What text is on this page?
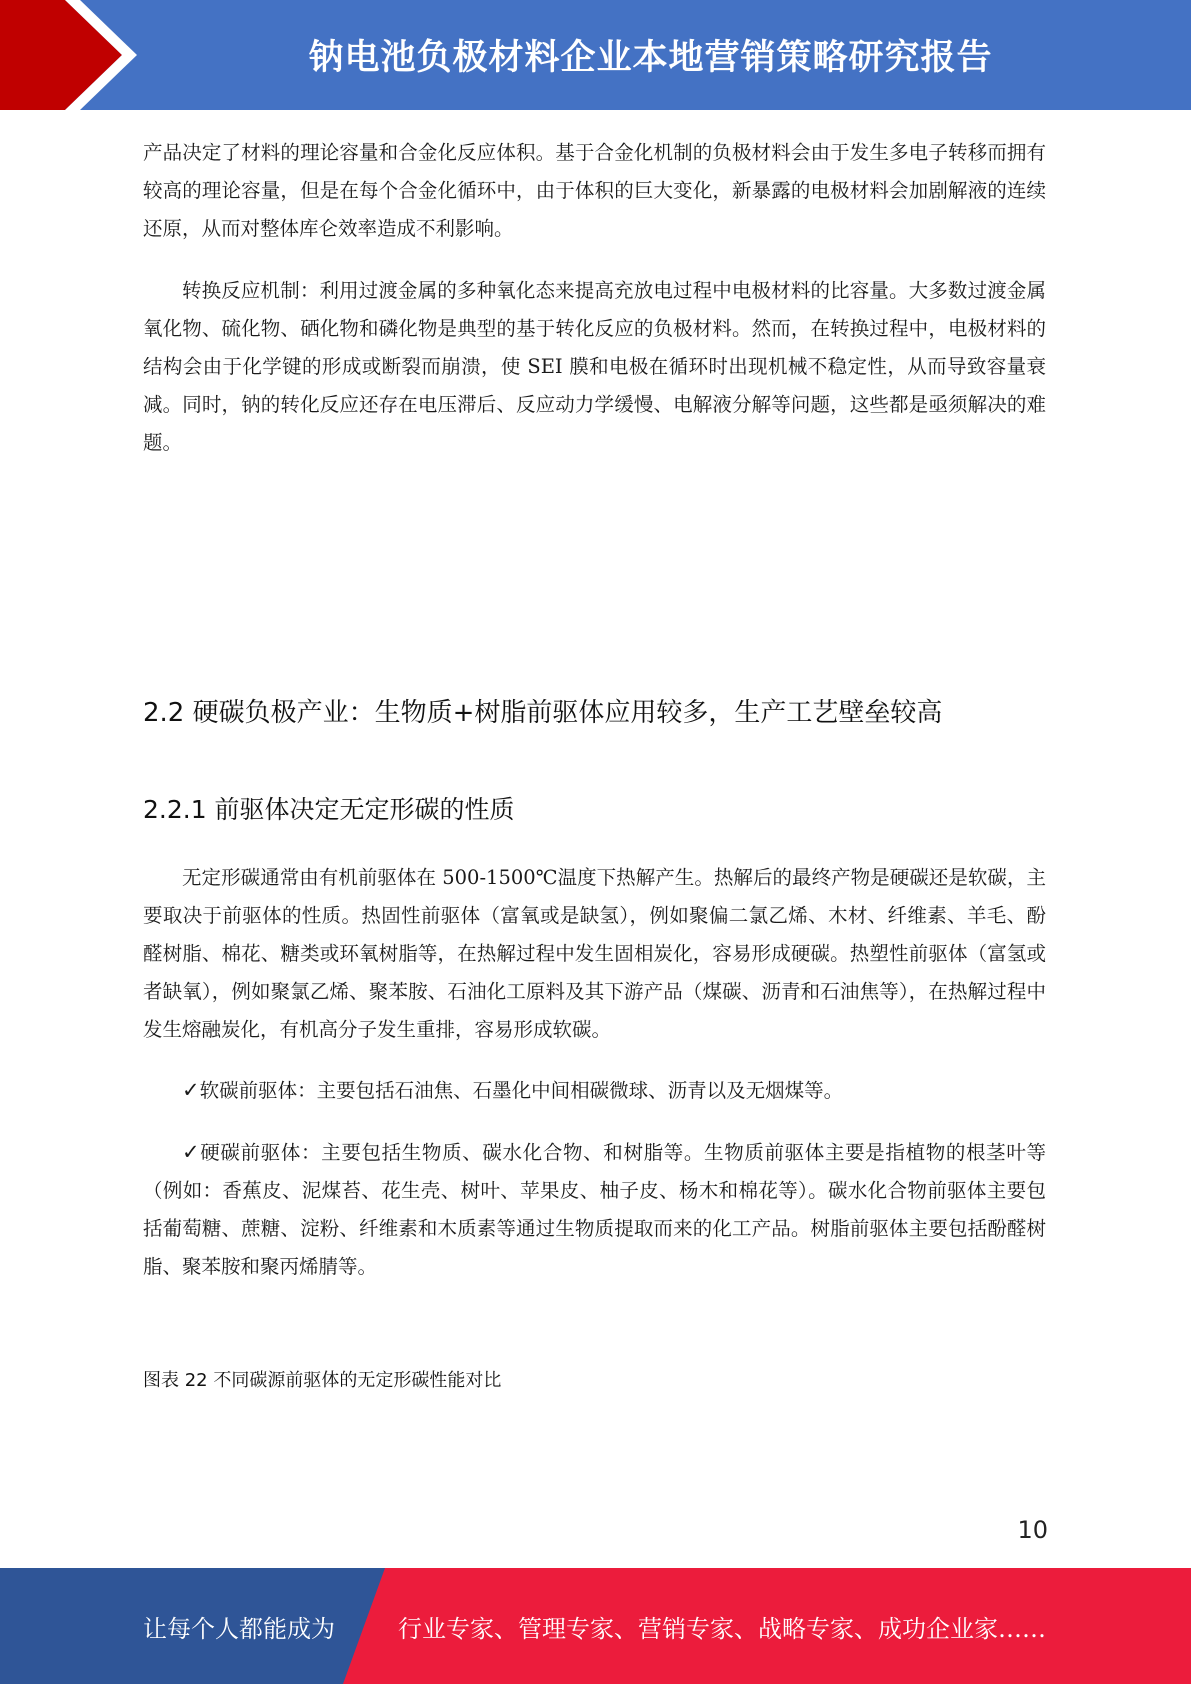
钠电池负极材料企业本地营销策略研究报告

产品决定了材料的理论容量和合金化反应体积。基于合金化机制的负极材料会由于发生多电子转移而拥有较高的理论容量，但是在每个合金化循环中，由于体积的巨大变化，新暴露的电极材料会加剧解液的连续还原，从而对整体库仑效率造成不利影响。

转换反应机制：利用过渡金属的多种氧化态来提高充放电过程中电极材料的比容量。大多数过渡金属氧化物、硫化物、硒化物和磷化物是典型的基于转化反应的负极材料。然而，在转换过程中，电极材料的结构会由于化学键的形成或断裂而崩溃，使 SEI 膜和电极在循环时出现机械不稳定性，从而导致容量衰减。同时，钠的转化反应还存在电压滞后、反应动力学缓慢、电解液分解等问题，这些都是亟须解决的难题。

2.2 硬碳负极产业：生物质+树脂前驱体应用较多，生产工艺壁垒较高
2.2.1 前驱体决定无定形碳的性质

无定形碳通常由有机前驱体在 500-1500℃温度下热解产生。热解后的最终产物是硬碳还是软碳，主要取决于前驱体的性质。热固性前驱体（富氧或是缺氢），例如聚偏二氯乙烯、木材、纤维素、羊毛、酚醛树脂、棉花、糖类或环氧树脂等，在热解过程中发生固相炭化，容易形成硬碳。热塑性前驱体（富氢或者缺氧），例如聚氯乙烯、聚苯胺、石油化工原料及其下游产品（煤碳、沥青和石油焦等），在热解过程中发生熔融炭化，有机高分子发生重排，容易形成软碳。

✓软碳前驱体：主要包括石油焦、石墨化中间相碳微球、沥青以及无烟煤等。

✓硬碳前驱体：主要包括生物质、碳水化合物、和树脂等。生物质前驱体主要是指植物的根茎叶等（例如：香蕉皮、泥煤苔、花生壳、树叶、苹果皮、柚子皮、杨木和棉花等）。碳水化合物前驱体主要包括葡萄糖、蔗糖、淀粉、纤维素和木质素等通过生物质提取而来的化工产品。树脂前驱体主要包括酚醛树脂、聚苯胺和聚丙烯腈等。

图表 22 不同碳源前驱体的无定形碳性能对比

10
让每个人都能成为	行业专家、管理专家、营销专家、战略专家、成功企业家……
